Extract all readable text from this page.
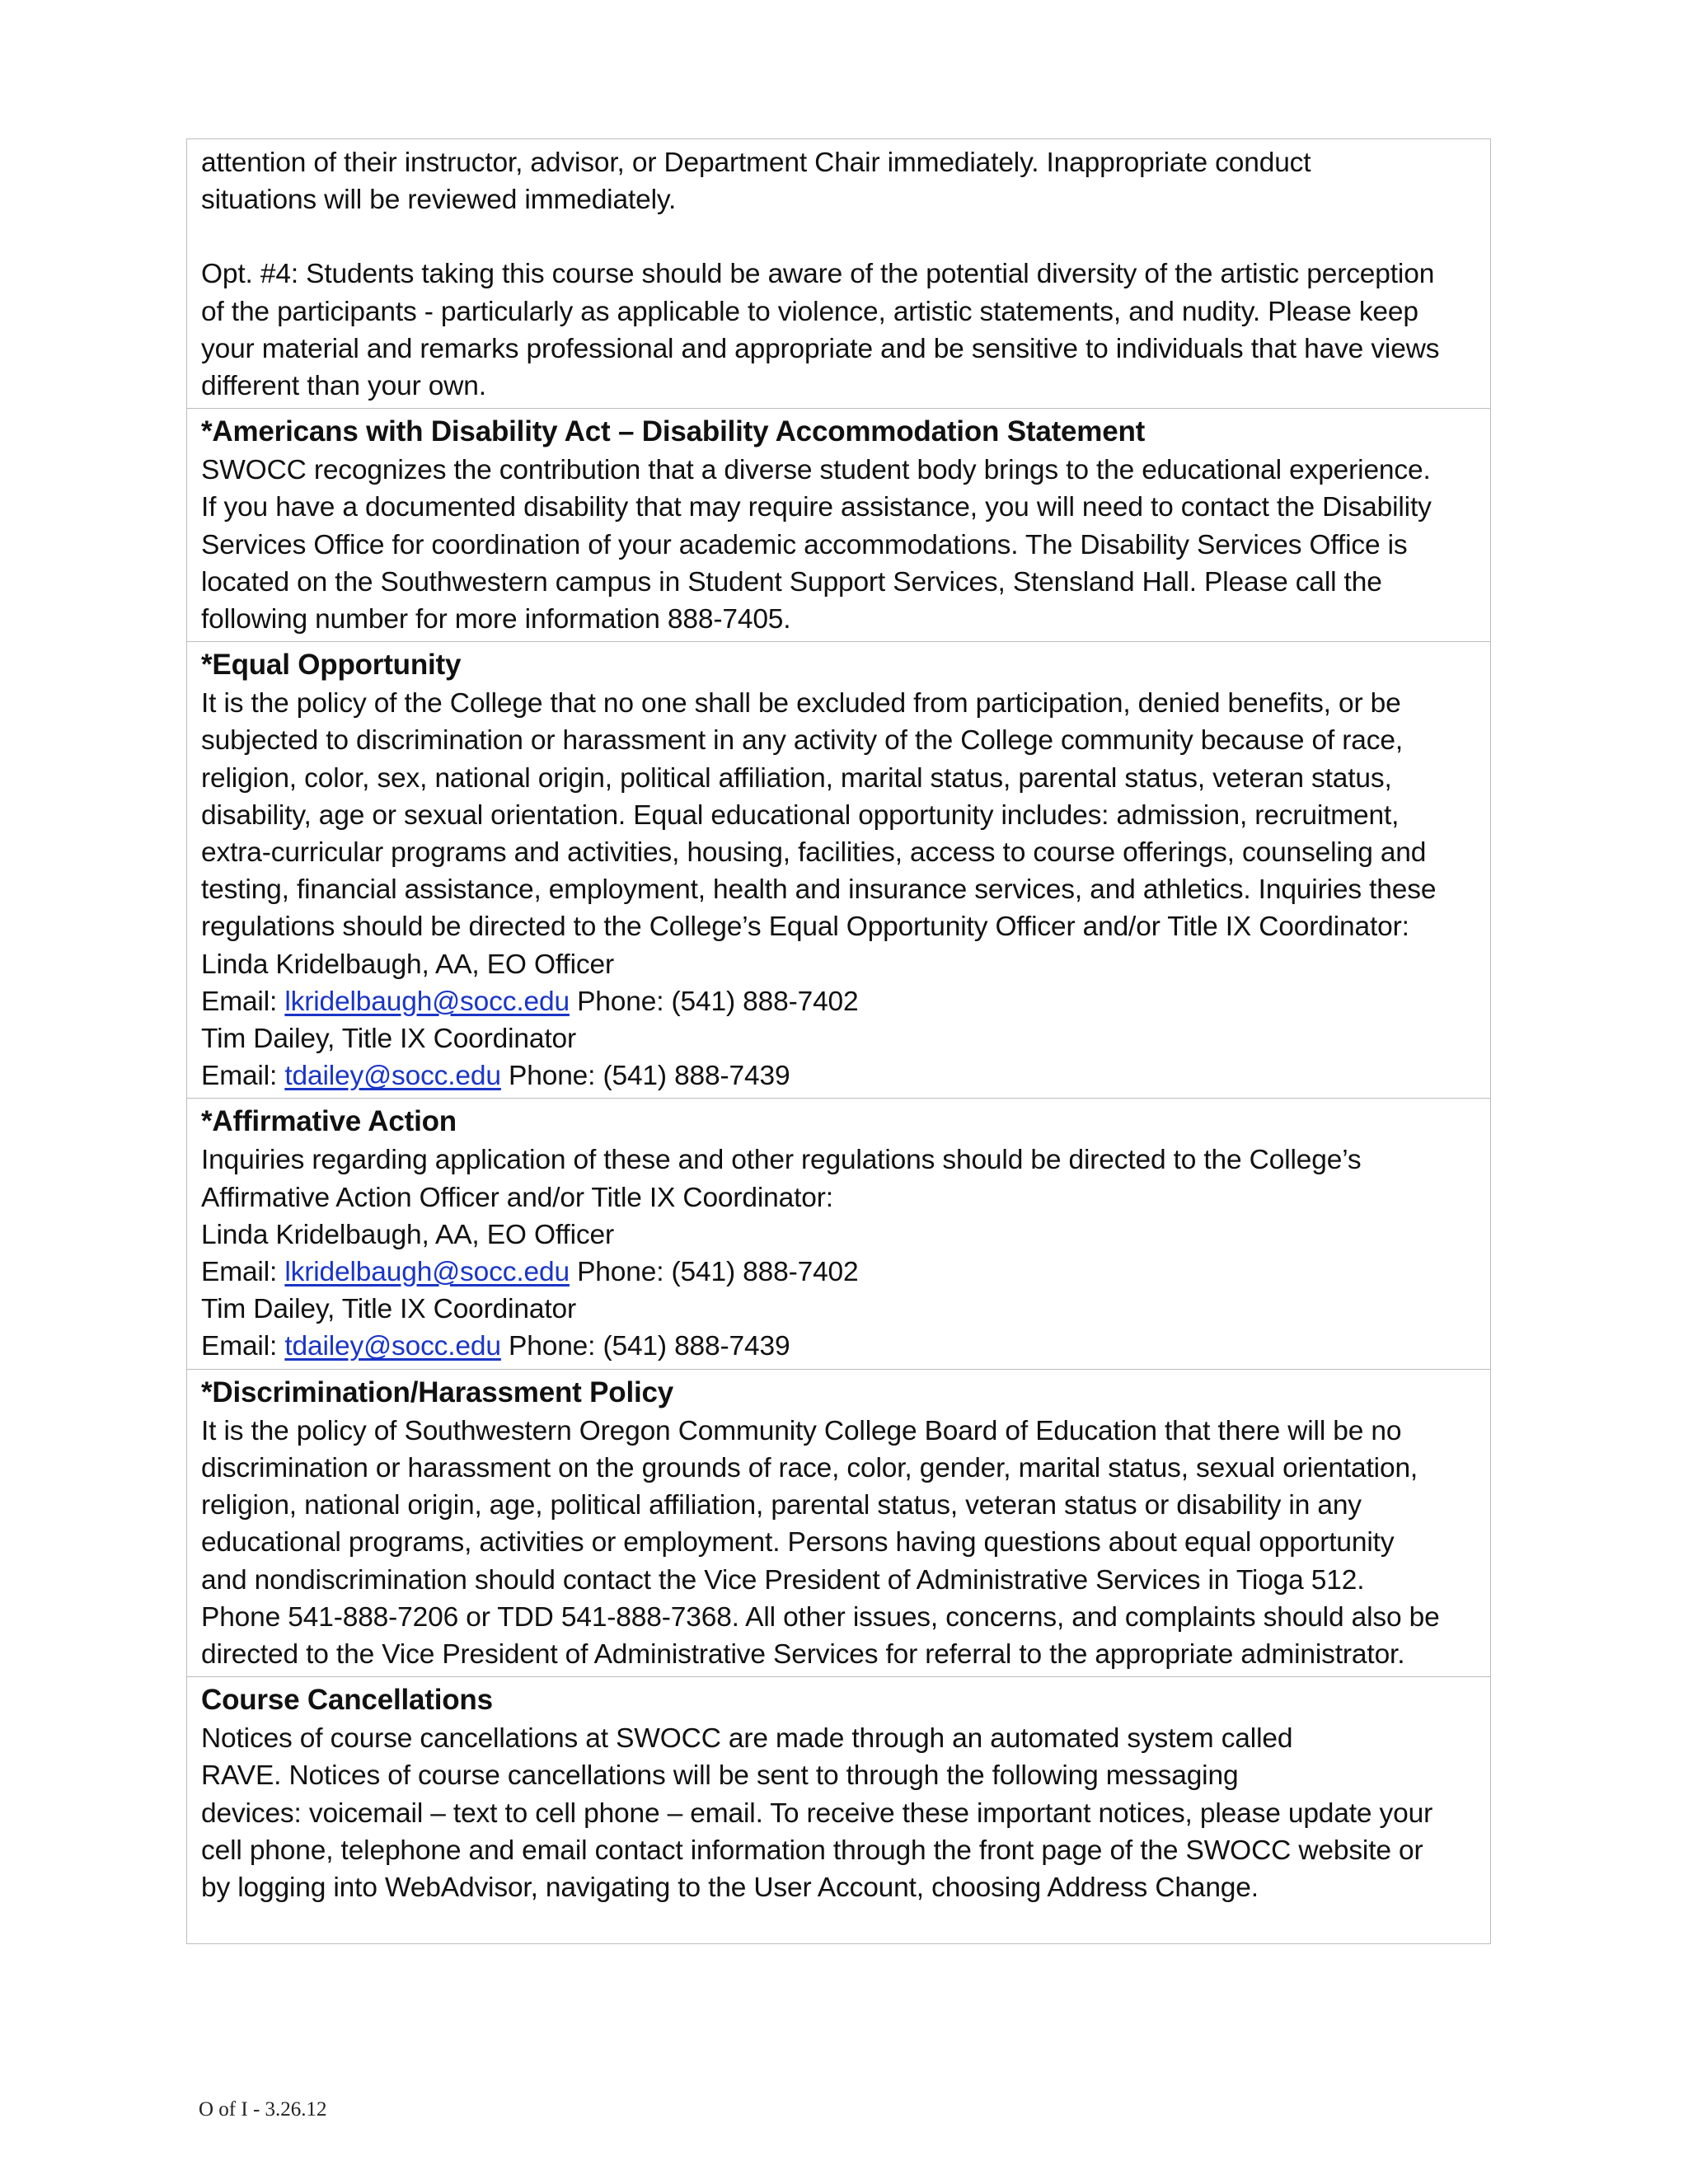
attention of their instructor, advisor, or Department Chair immediately. Inappropriate conduct
situations will be reviewed immediately.
Opt. #4: Students taking this course should be aware of the potential diversity of the artistic perception
of the participants - particularly as applicable to violence, artistic statements, and nudity. Please keep
your material and remarks professional and appropriate and be sensitive to individuals that have views
different than your own.
*Americans with Disability Act – Disability Accommodation Statement
SWOCC recognizes the contribution that a diverse student body brings to the educational experience.
If you have a documented disability that may require assistance, you will need to contact the Disability
Services Office for coordination of your academic accommodations. The Disability Services Office is
located on the Southwestern campus in Student Support Services, Stensland Hall. Please call the
following number for more information 888-7405.
*Equal Opportunity
It is the policy of the College that no one shall be excluded from participation, denied benefits, or be
subjected to discrimination or harassment in any activity of the College community because of race,
religion, color, sex, national origin, political affiliation, marital status, parental status, veteran status,
disability, age or sexual orientation. Equal educational opportunity includes: admission, recruitment,
extra-curricular programs and activities, housing, facilities, access to course offerings, counseling and
testing, financial assistance, employment, health and insurance services, and athletics. Inquiries these
regulations should be directed to the College’s Equal Opportunity Officer and/or Title IX Coordinator:
Linda Kridelbaugh, AA, EO Officer
Email: lkridelbaugh@socc.edu Phone: (541) 888-7402
Tim Dailey, Title IX Coordinator
Email: tdailey@socc.edu Phone: (541) 888-7439
*Affirmative Action
Inquiries regarding application of these and other regulations should be directed to the College’s
Affirmative Action Officer and/or Title IX Coordinator:
Linda Kridelbaugh, AA, EO Officer
Email: lkridelbaugh@socc.edu Phone: (541) 888-7402
Tim Dailey, Title IX Coordinator
Email: tdailey@socc.edu Phone: (541) 888-7439
*Discrimination/Harassment Policy
It is the policy of Southwestern Oregon Community College Board of Education that there will be no
discrimination or harassment on the grounds of race, color, gender, marital status, sexual orientation,
religion, national origin, age, political affiliation, parental status, veteran status or disability in any
educational programs, activities or employment. Persons having questions about equal opportunity
and nondiscrimination should contact the Vice President of Administrative Services in Tioga 512.
Phone 541-888-7206 or TDD 541-888-7368. All other issues, concerns, and complaints should also be
directed to the Vice President of Administrative Services for referral to the appropriate administrator.
Course Cancellations
Notices of course cancellations at SWOCC are made through an automated system called
RAVE. Notices of course cancellations will be sent to through the following messaging
devices: voicemail – text to cell phone – email. To receive these important notices, please update your
cell phone, telephone and email contact information through the front page of the SWOCC website or
by logging into WebAdvisor, navigating to the User Account, choosing Address Change.
O of I - 3.26.12
